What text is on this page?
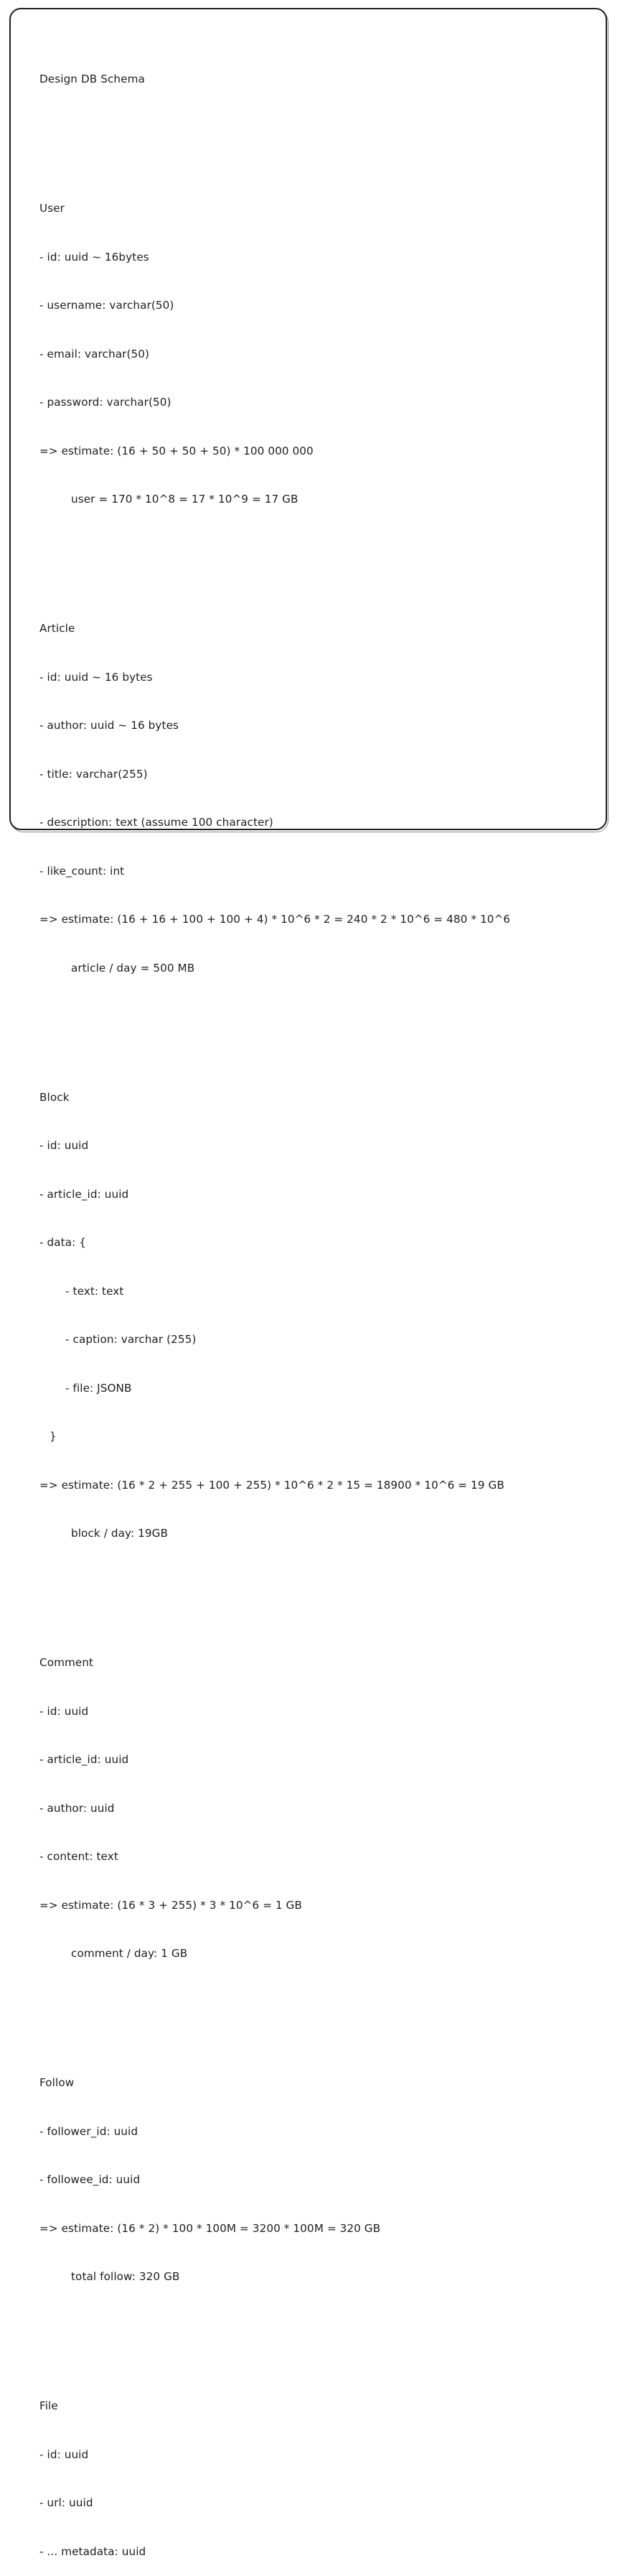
Design DB Schema

User

- id: uuid ~ 16bytes

- username: varchar(50)

- email: varchar(50)

- password: varchar(50)

=> estimate: (16 + 50 + 50 + 50) * 100 000 000

user = 170 * 10^8 = 17 * 10^9 = 17 GB

Article

- id: uuid ~ 16 bytes

- author: uuid ~ 16 bytes

- title: varchar(255)

- description: text (assume 100 character)

- like_count: int

=> estimate: (16 + 16 + 100 + 100 + 4) * 10^6 * 2 = 240 * 2 * 10^6 = 480 * 10^6

article / day = 500 MB

Block

- id: uuid

- article_id: uuid

- data: {

- text: text

- caption: varchar (255)

- file: JSONB

}

=> estimate: (16 * 2 + 255 + 100 + 255) * 10^6 * 2 * 15 = 18900 * 10^6 = 19 GB

block / day: 19GB

Comment

- id: uuid

- article_id: uuid

- author: uuid

- content: text

=> estimate: (16 * 3 + 255) * 3 * 10^6 = 1 GB

comment / day: 1 GB

Follow

- follower_id: uuid

- followee_id: uuid

=> estimate: (16 * 2) * 100 * 100M = 3200 * 100M = 320 GB

total follow: 320 GB

File

- id: uuid

- url: uuid

- ... metadata: uuid
